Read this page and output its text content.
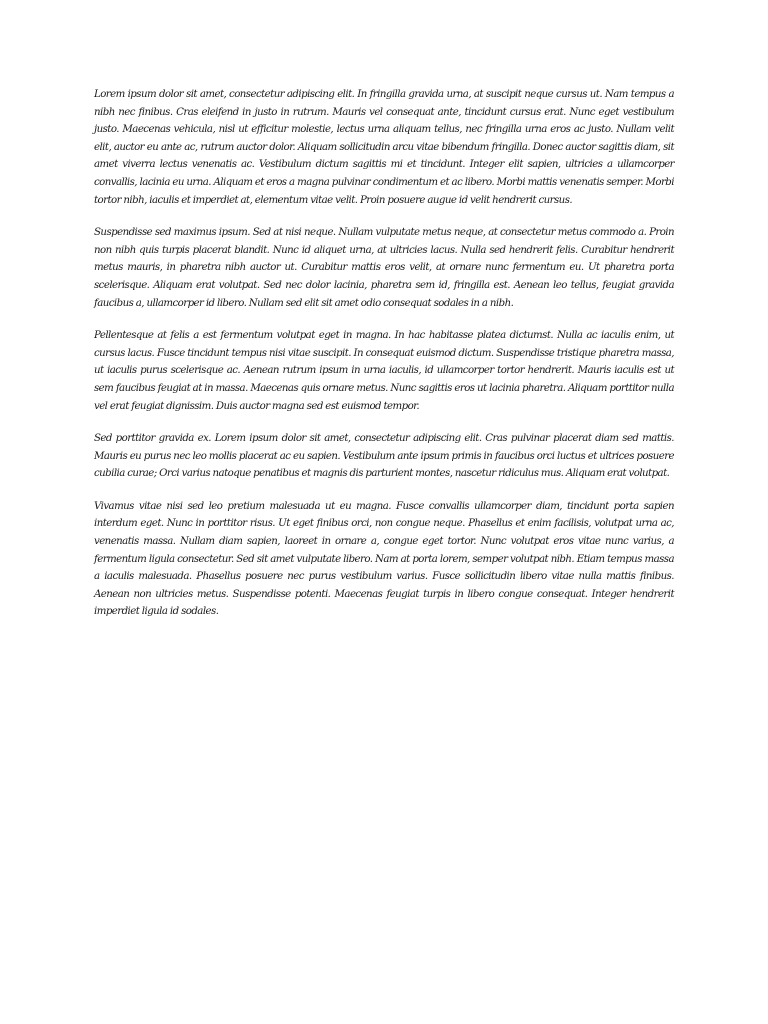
Lorem ipsum dolor sit amet, consectetur adipiscing elit. In fringilla gravida urna, at suscipit neque cursus ut. Nam tempus a nibh nec finibus. Cras eleifend in justo in rutrum. Mauris vel consequat ante, tincidunt cursus erat. Nunc eget vestibulum justo. Maecenas vehicula, nisl ut efficitur molestie, lectus urna aliquam tellus, nec fringilla urna eros ac justo. Nullam velit elit, auctor eu ante ac, rutrum auctor dolor. Aliquam sollicitudin arcu vitae bibendum fringilla. Donec auctor sagittis diam, sit amet viverra lectus venenatis ac. Vestibulum dictum sagittis mi et tincidunt. Integer elit sapien, ultricies a ullamcorper convallis, lacinia eu urna. Aliquam et eros a magna pulvinar condimentum et ac libero. Morbi mattis venenatis semper. Morbi tortor nibh, iaculis et imperdiet at, elementum vitae velit. Proin posuere augue id velit hendrerit cursus.

Suspendisse sed maximus ipsum. Sed at nisi neque. Nullam vulputate metus neque, at consectetur metus commodo a. Proin non nibh quis turpis placerat blandit. Nunc id aliquet urna, at ultricies lacus. Nulla sed hendrerit felis. Curabitur hendrerit metus mauris, in pharetra nibh auctor ut. Curabitur mattis eros velit, at ornare nunc fermentum eu. Ut pharetra porta scelerisque. Aliquam erat volutpat. Sed nec dolor lacinia, pharetra sem id, fringilla est. Aenean leo tellus, feugiat gravida faucibus a, ullamcorper id libero. Nullam sed elit sit amet odio consequat sodales in a nibh.

Pellentesque at felis a est fermentum volutpat eget in magna. In hac habitasse platea dictumst. Nulla ac iaculis enim, ut cursus lacus. Fusce tincidunt tempus nisi vitae suscipit. In consequat euismod dictum. Suspendisse tristique pharetra massa, ut iaculis purus scelerisque ac. Aenean rutrum ipsum in urna iaculis, id ullamcorper tortor hendrerit. Mauris iaculis est ut sem faucibus feugiat at in massa. Maecenas quis ornare metus. Nunc sagittis eros ut lacinia pharetra. Aliquam porttitor nulla vel erat feugiat dignissim. Duis auctor magna sed est euismod tempor.

Sed porttitor gravida ex. Lorem ipsum dolor sit amet, consectetur adipiscing elit. Cras pulvinar placerat diam sed mattis. Mauris eu purus nec leo mollis placerat ac eu sapien. Vestibulum ante ipsum primis in faucibus orci luctus et ultrices posuere cubilia curae; Orci varius natoque penatibus et magnis dis parturient montes, nascetur ridiculus mus. Aliquam erat volutpat.

Vivamus vitae nisi sed leo pretium malesuada ut eu magna. Fusce convallis ullamcorper diam, tincidunt porta sapien interdum eget. Nunc in porttitor risus. Ut eget finibus orci, non congue neque. Phasellus et enim facilisis, volutpat urna ac, venenatis massa. Nullam diam sapien, laoreet in ornare a, congue eget tortor. Nunc volutpat eros vitae nunc varius, a fermentum ligula consectetur. Sed sit amet vulputate libero. Nam at porta lorem, semper volutpat nibh. Etiam tempus massa a iaculis malesuada. Phasellus posuere nec purus vestibulum varius. Fusce sollicitudin libero vitae nulla mattis finibus. Aenean non ultricies metus. Suspendisse potenti. Maecenas feugiat turpis in libero congue consequat. Integer hendrerit imperdiet ligula id sodales.
